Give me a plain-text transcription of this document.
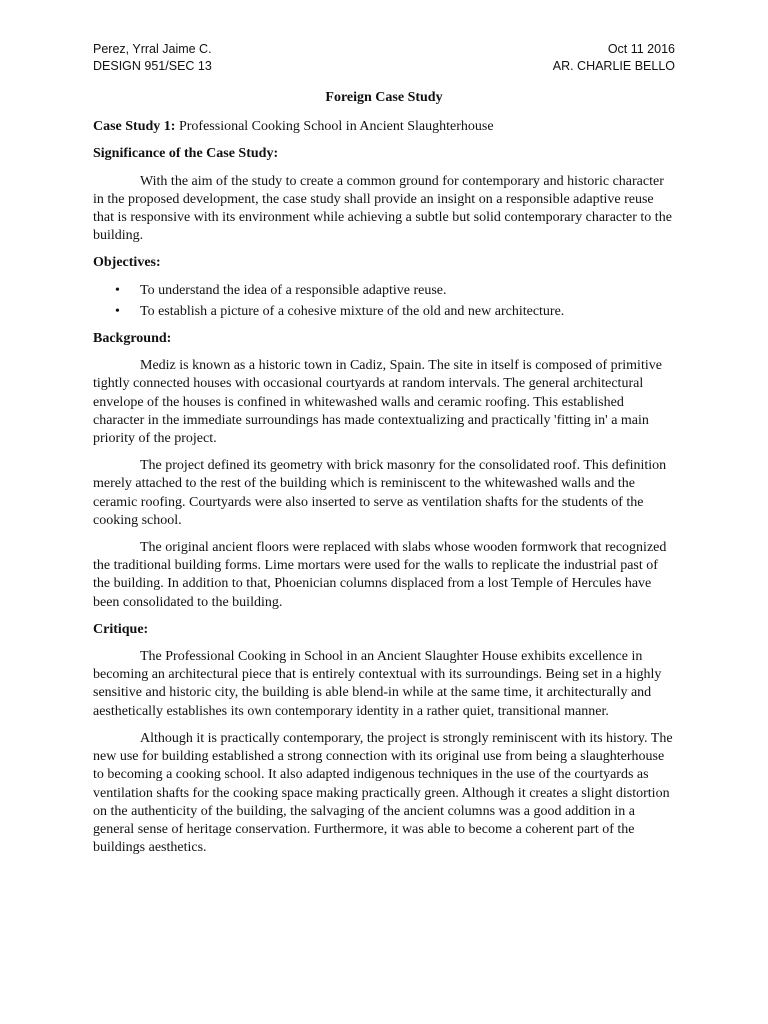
Perez, Yrral Jaime C.	Oct 11 2016
DESIGN 951/SEC 13	AR. CHARLIE BELLO
Foreign Case Study
Case Study 1: Professional Cooking School in Ancient Slaughterhouse
Significance of the Case Study:

With the aim of the study to create a common ground for contemporary and historic character in the proposed development, the case study shall provide an insight on a responsible adaptive reuse that is responsive with its environment while achieving a subtle but solid contemporary character to the building.

Objectives:
• To understand the idea of a responsible adaptive reuse.
• To establish a picture of a cohesive mixture of the old and new architecture.
Background:

Mediz is known as a historic town in Cadiz, Spain. The site in itself is composed of primitive tightly connected houses with occasional courtyards at random intervals. The general architectural envelope of the houses is confined in whitewashed walls and ceramic roofing. This established character in the immediate surroundings has made contextualizing and practically 'fitting in' a main priority of the project.

The project defined its geometry with brick masonry for the consolidated roof. This definition merely attached to the rest of the building which is reminiscent to the whitewashed walls and the ceramic roofing. Courtyards were also inserted to serve as ventilation shafts for the students of the cooking school.

The original ancient floors were replaced with slabs whose wooden formwork that recognized the traditional building forms. Lime mortars were used for the walls to replicate the industrial past of the building. In addition to that, Phoenician columns displaced from a lost Temple of Hercules have been consolidated to the building.

Critique:

The Professional Cooking in School in an Ancient Slaughter House exhibits excellence in becoming an architectural piece that is entirely contextual with its surroundings. Being set in a highly sensitive and historic city, the building is able blend-in while at the same time, it architecturally and aesthetically establishes its own contemporary identity in a rather quiet, transitional manner.

Although it is practically contemporary, the project is strongly reminiscent with its history. The new use for building established a strong connection with its original use from being a slaughterhouse to becoming a cooking school. It also adapted indigenous techniques in the use of the courtyards as ventilation shafts for the cooking space making practically green. Although it creates a slight distortion on the authenticity of the building, the salvaging of the ancient columns was a good addition in a general sense of heritage conservation. Furthermore, it was able to become a coherent part of the buildings aesthetics.
